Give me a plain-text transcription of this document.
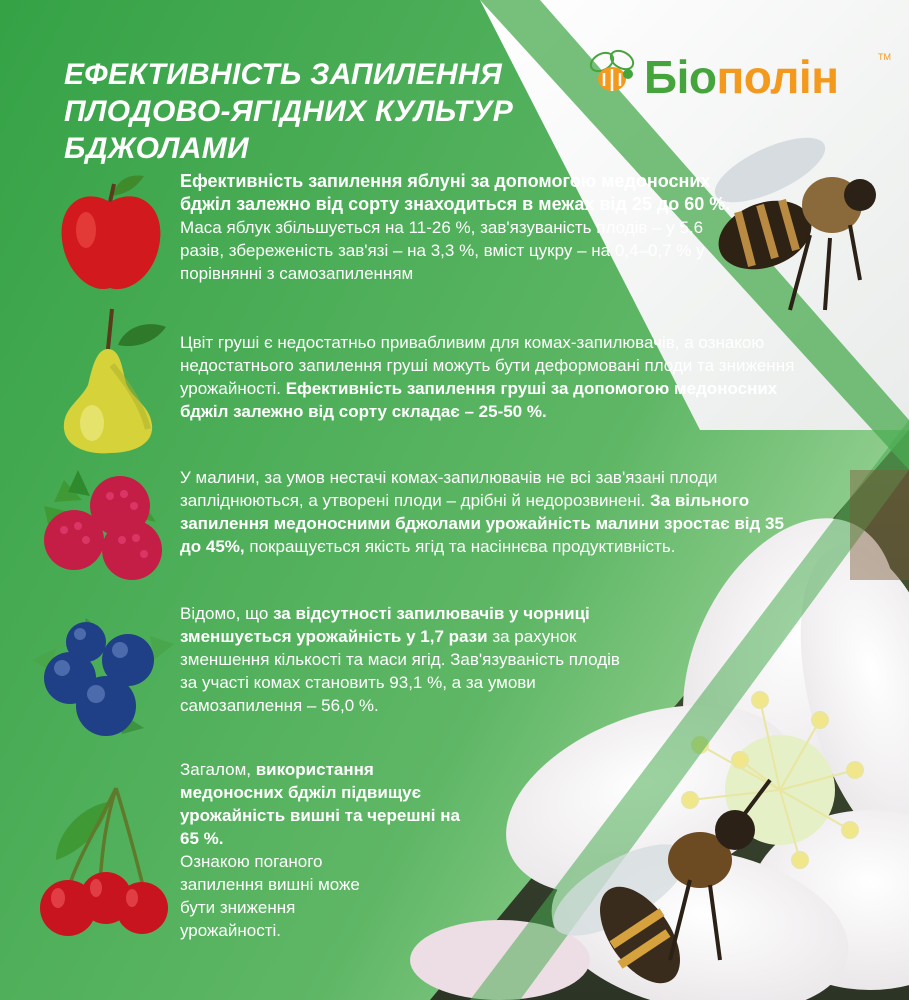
ЕФЕКТИВНІСТЬ ЗАПИЛЕННЯ
ПЛОДОВО-ЯГІДНИХ КУЛЬТУР
БДЖОЛАМИ
Біополін	TM

Ефективність запилення яблуні за допомогою медоносних бджіл залежно від сорту знаходиться в межах від 25 до 60 %.
Маса яблук збільшується на 11-26 %, зав'язуваність плодів – у 5,6 разів, збереженість зав'язі – на 3,3 %, вміст цукру – на 0,4–0,7 % у порівнянні з самозапиленням

Цвіт груші є недостатньо привабливим для комах-запилювачів, а ознакою недостатнього запилення груші можуть бути деформовані плоди та зниження урожайності. Ефективність запилення груші за допомогою медоносних бджіл залежно від сорту складає – 25-50 %.

У малини, за умов нестачі комах-запилювачів не всі зав'язані плоди запліднюються, а утворені плоди – дрібні й недорозвинені. За вільного запилення медоносними бджолами урожайність малини зростає від 35 до 45%, покращується якість ягід та насіннєва продуктивність.

Відомо, що за відсутності запилювачів у чорниці зменшується урожайність у 1,7 рази за рахунок зменшення кількості та маси ягід. Зав'язуваність плодів за участі комах становить 93,1 %, а за умови самозапилення – 56,0 %.

Загалом, використання медоносних бджіл підвищує урожайність вишні та черешні на 65 %.
Ознакою поганого запилення вишні може бути зниження урожайності.
